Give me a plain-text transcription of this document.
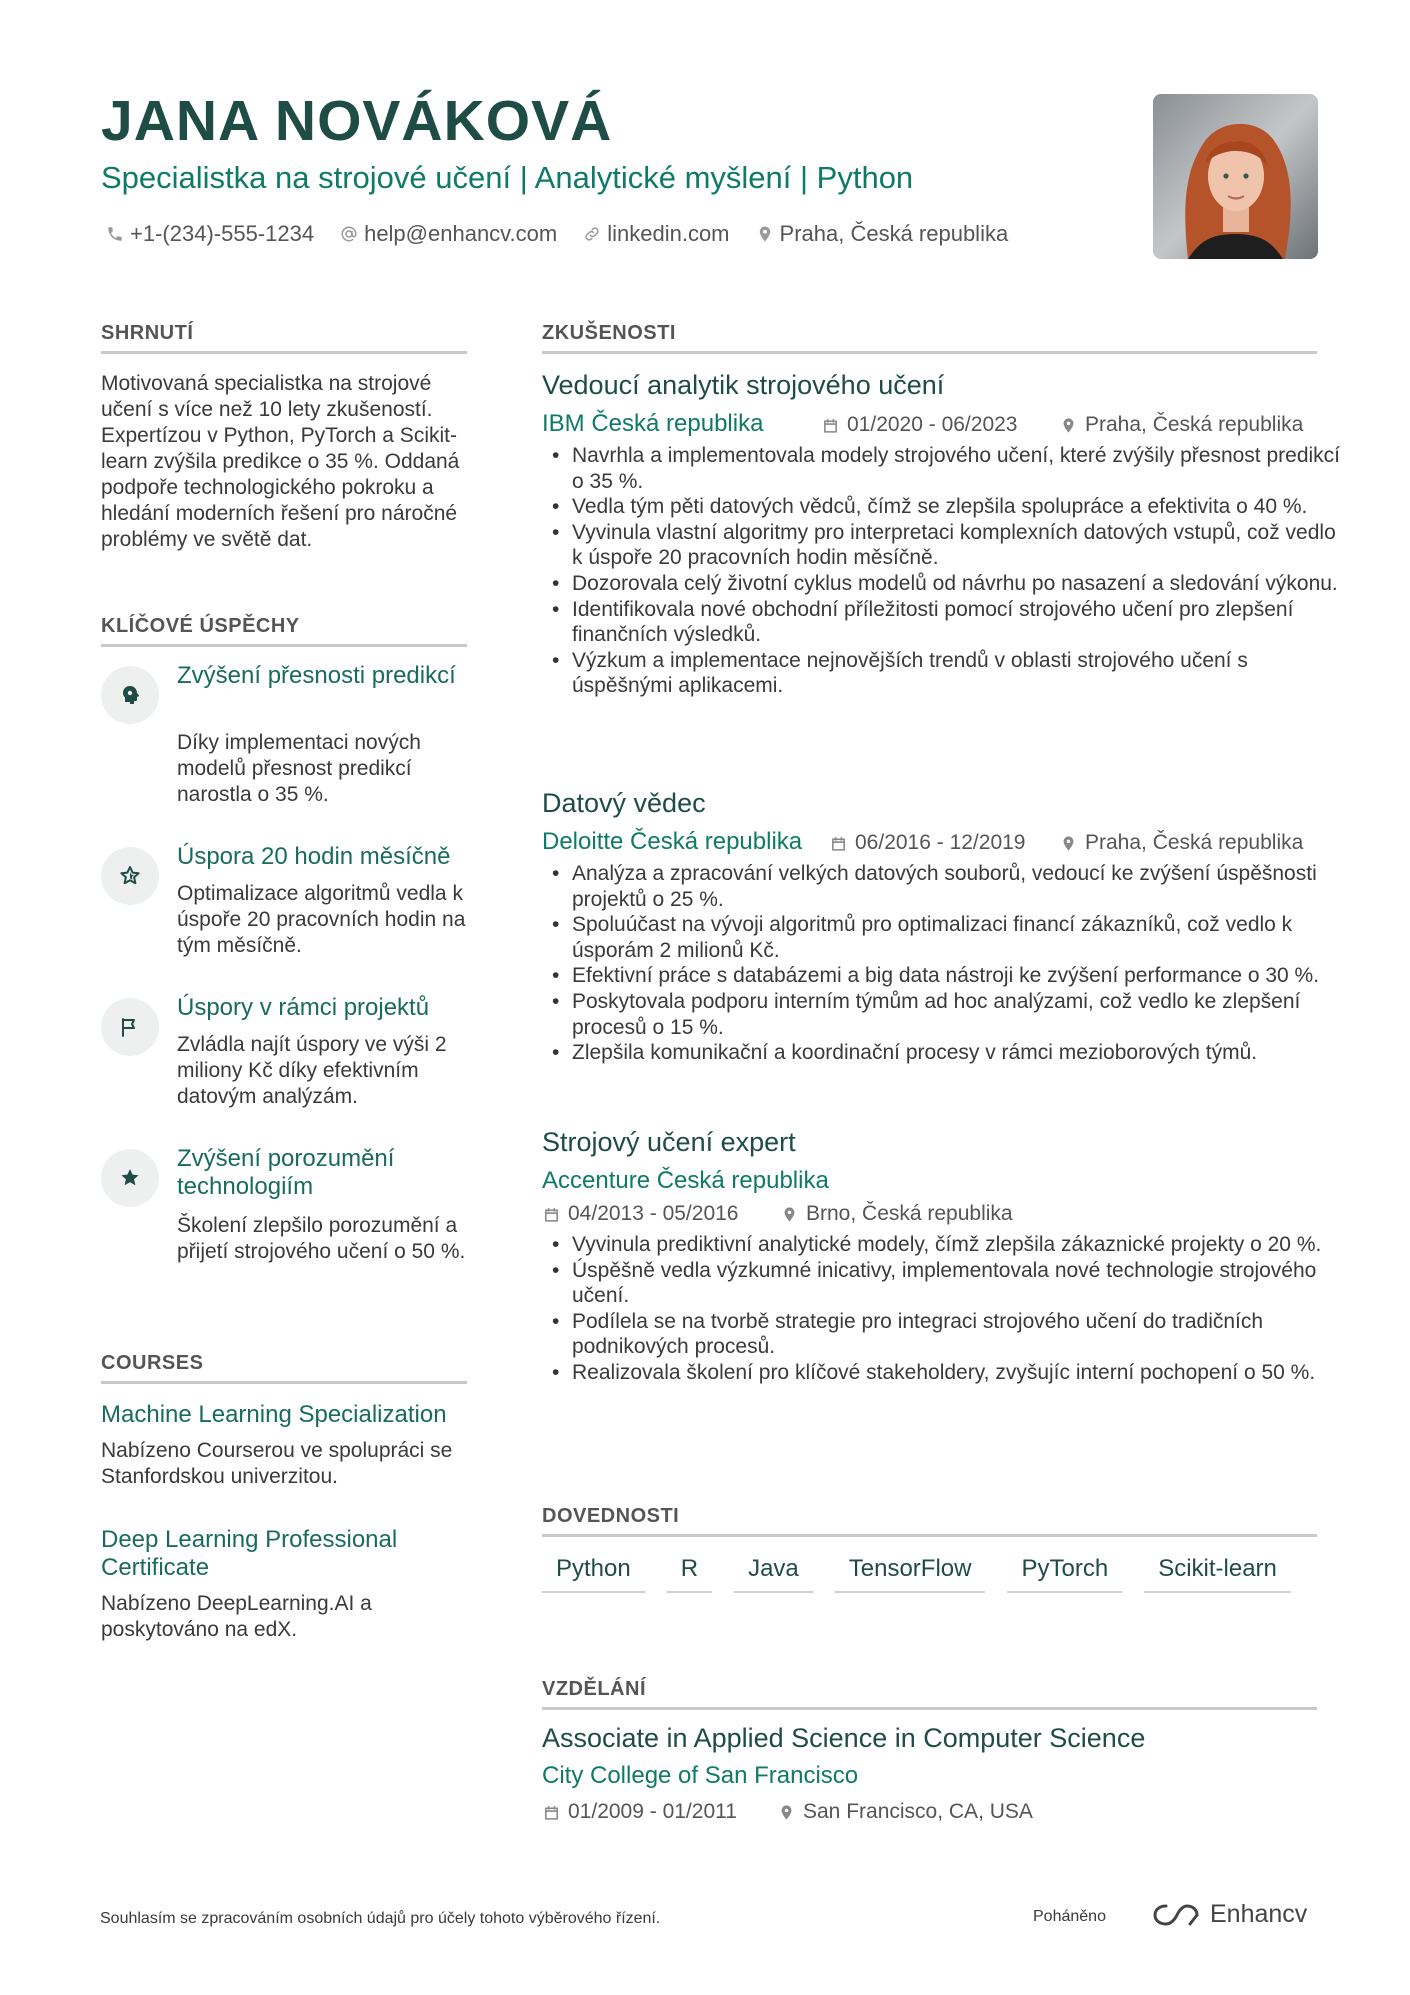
JANA NOVÁKOVÁ

Specialistka na strojové učení | Analytické myšlení | Python

+1-(234)-555-1234 help@enhancv.com linkedin.com Praha, Česká republika
SHRNUTÍ

Motivovaná specialistka na strojové učení s více než 10 lety zkušeností. Expertízou v Python, PyTorch a Scikit-learn zvýšila predikce o 35 %. Oddaná podpoře technologického pokroku a hledání moderních řešení pro náročné problémy ve světě dat.

KLÍČOVÉ ÚSPĚCHY

Zvýšení přesnosti predikcí

Díky implementaci nových modelů přesnost predikcí narostla o 35 %.

Úspora 20 hodin měsíčně

Optimalizace algoritmů vedla k úspoře 20 pracovních hodin na tým měsíčně.

Úspory v rámci projektů

Zvládla najít úspory ve výši 2 miliony Kč díky efektivním datovým analýzám.

Zvýšení porozumění technologiím

Školení zlepšilo porozumění a přijetí strojového učení o 50 %.

COURSES

Machine Learning Specialization

Nabízeno Courserou ve spolupráci se Stanfordskou univerzitou.

Deep Learning Professional Certificate

Nabízeno DeepLearning.AI a poskytováno na edX.

ZKUŠENOSTI

Vedoucí analytik strojového učení

IBM Česká republika	01/2020 - 06/2023	Praha, Česká republika
• Navrhla a implementovala modely strojového učení, které zvýšily přesnost predikcí o 35 %.
• Vedla tým pěti datových vědců, čímž se zlepšila spolupráce a efektivita o 40 %.
• Vyvinula vlastní algoritmy pro interpretaci komplexních datových vstupů, což vedlo k úspoře 20 pracovních hodin měsíčně.
• Dozorovala celý životní cyklus modelů od návrhu po nasazení a sledování výkonu.
• Identifikovala nové obchodní příležitosti pomocí strojového učení pro zlepšení finančních výsledků.
• Výzkum a implementace nejnovějších trendů v oblasti strojového učení s úspěšnými aplikacemi.

Datový vědec

Deloitte Česká republika	06/2016 - 12/2019	Praha, Česká republika
• Analýza a zpracování velkých datových souborů, vedoucí ke zvýšení úspěšnosti projektů o 25 %.
• Spoluúčast na vývoji algoritmů pro optimalizaci financí zákazníků, což vedlo k úsporám 2 milionů Kč.
• Efektivní práce s databázemi a big data nástroji ke zvýšení performance o 30 %.
• Poskytovala podporu interním týmům ad hoc analýzami, což vedlo ke zlepšení procesů o 15 %.
• Zlepšila komunikační a koordinační procesy v rámci mezioborových týmů.

Strojový učení expert

Accenture Česká republika

04/2013 - 05/2016	Brno, Česká republika
• Vyvinula prediktivní analytické modely, čímž zlepšila zákaznické projekty o 20 %.
• Úspěšně vedla výzkumné inicativy, implementovala nové technologie strojového učení.
• Podílela se na tvorbě strategie pro integraci strojového učení do tradičních podnikových procesů.
• Realizovala školení pro klíčové stakeholdery, zvyšujíc interní pochopení o 50 %.
DOVEDNOSTI
Python	R	Java	TensorFlow	PyTorch	Scikit-learn
VZDĚLÁNÍ

Associate in Applied Science in Computer Science

City College of San Francisco

01/2009 - 01/2011	San Francisco, CA, USA

Souhlasím se zpracováním osobních údajů pro účely tohoto výběrového řízení.	Poháněno	Enhancv
